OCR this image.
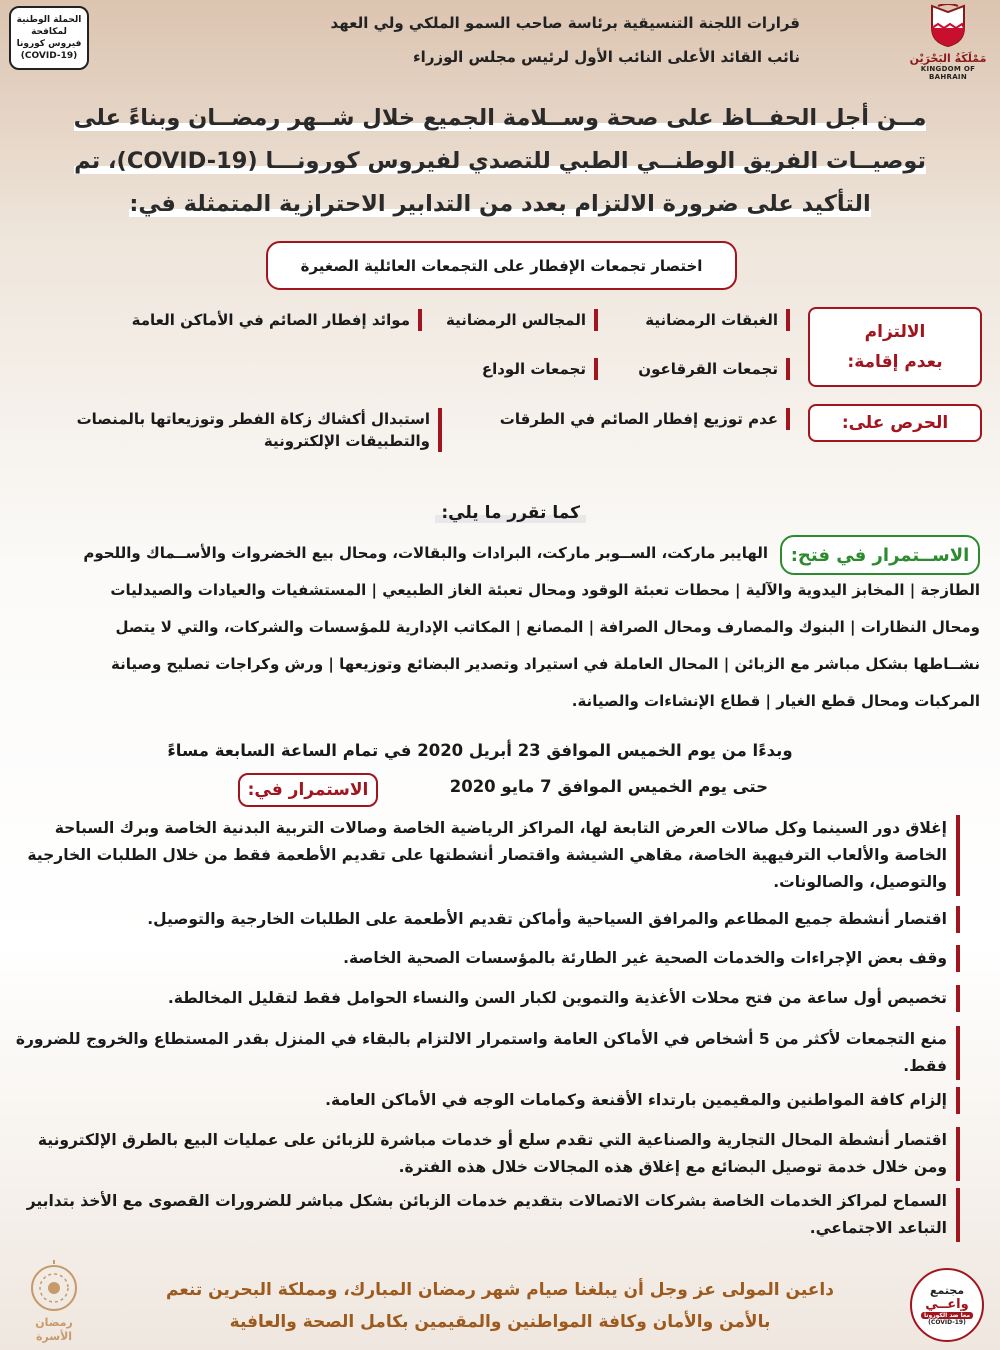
الحملة الوطنية
لمكافحة
فيروس كورونا
(COVID-19)
قرارات اللجنة التنسيقية برئاسة صاحب السمو الملكي ولي العهد
نائب القائد الأعلى النائب الأول لرئيس مجلس الوزراء	مَمْلَكَةُ البَحْرَيْن
KINGDOM OF BAHRAIN
مــن أجل الحفــاظ على صحة وســلامة الجميع خلال شــهر رمضــان وبناءً على
توصيــات الفريق الوطنــي الطبي للتصدي لفيروس كورونـــا (COVID-19)، تم
التأكيد على ضرورة الالتزام بعدد من التدابير الاحترازية المتمثلة في:
اختصار تجمعات الإفطار على التجمعات العائلية الصغيرة
الالتزام
بعدم إقامة:
الغبقات الرمضانية
المجالس الرمضانية
موائد إفطار الصائم في الأماكن العامة
تجمعات القرقاعون
تجمعات الوداع
الحرص على:
عدم توزيع إفطار الصائم في الطرقات
استبدال أكشاك زكاة الفطر وتوزيعاتها بالمنصات والتطبيقات الإلكترونية
كما تقرر ما يلي:
الاســتمرار في فتح:
الهايبر ماركت، الســوبر ماركت، البرادات والبقالات، ومحال بيع الخضروات والأســماك واللحوم
الطازجة | المخابز اليدوية والآلية | محطات تعبئة الوقود ومحال تعبئة الغاز الطبيعي | المستشفيات والعيادات والصيدليات
ومحال النظارات | البنوك والمصارف ومحال الصرافة | المصانع | المكاتب الإدارية للمؤسسات والشركات، والتي لا يتصل
نشــاطها بشكل مباشر مع الزبائن | المحال العاملة في استيراد وتصدير البضائع وتوزيعها | ورش وكراجات تصليح وصيانة
المركبات ومحال قطع الغيار | قطاع الإنشاءات والصيانة.
وبدءًا من يوم الخميس الموافق 23 أبريل 2020 في تمام الساعة السابعة مساءً
حتى يوم الخميس الموافق 7 مايو 2020
الاستمرار في:
إغلاق دور السينما وكل صالات العرض التابعة لها، المراكز الرياضية الخاصة وصالات التربية البدنية الخاصة وبرك السباحة الخاصة والألعاب الترفيهية الخاصة، مقاهي الشيشة واقتصار أنشطتها على تقديم الأطعمة فقط من خلال الطلبات الخارجية والتوصيل، والصالونات.
اقتصار أنشطة جميع المطاعم والمرافق السياحية وأماكن تقديم الأطعمة على الطلبات الخارجية والتوصيل.
وقف بعض الإجراءات والخدمات الصحية غير الطارئة بالمؤسسات الصحية الخاصة.
تخصيص أول ساعة من فتح محلات الأغذية والتموين لكبار السن والنساء الحوامل فقط لتقليل المخالطة.
منع التجمعات لأكثر من 5 أشخاص في الأماكن العامة واستمرار الالتزام بالبقاء في المنزل بقدر المستطاع والخروج للضرورة فقط.
إلزام كافة المواطنين والمقيمين بارتداء الأقنعة وكمامات الوجه في الأماكن العامة.
اقتصار أنشطة المحال التجارية والصناعية التي تقدم سلع أو خدمات مباشرة للزبائن على عمليات البيع بالطرق الإلكترونية ومن خلال خدمة توصيل البضائع مع إغلاق هذه المجالات خلال هذه الفترة.
السماح لمراكز الخدمات الخاصة بشركات الاتصالات بتقديم خدمات الزبائن بشكل مباشر للضرورات القصوى مع الأخذ بتدابير التباعد الاجتماعي.
رمضان
الأسرة
داعين المولى عز وجل أن يبلغنا صيام شهر رمضان المبارك، ومملكة البحرين تنعم
بالأمن والأمان وكافة المواطنين والمقيمين بكامل الصحة والعافية
مجتمع
واعــي
معاً ضد الكورونا
(COVID-19)
